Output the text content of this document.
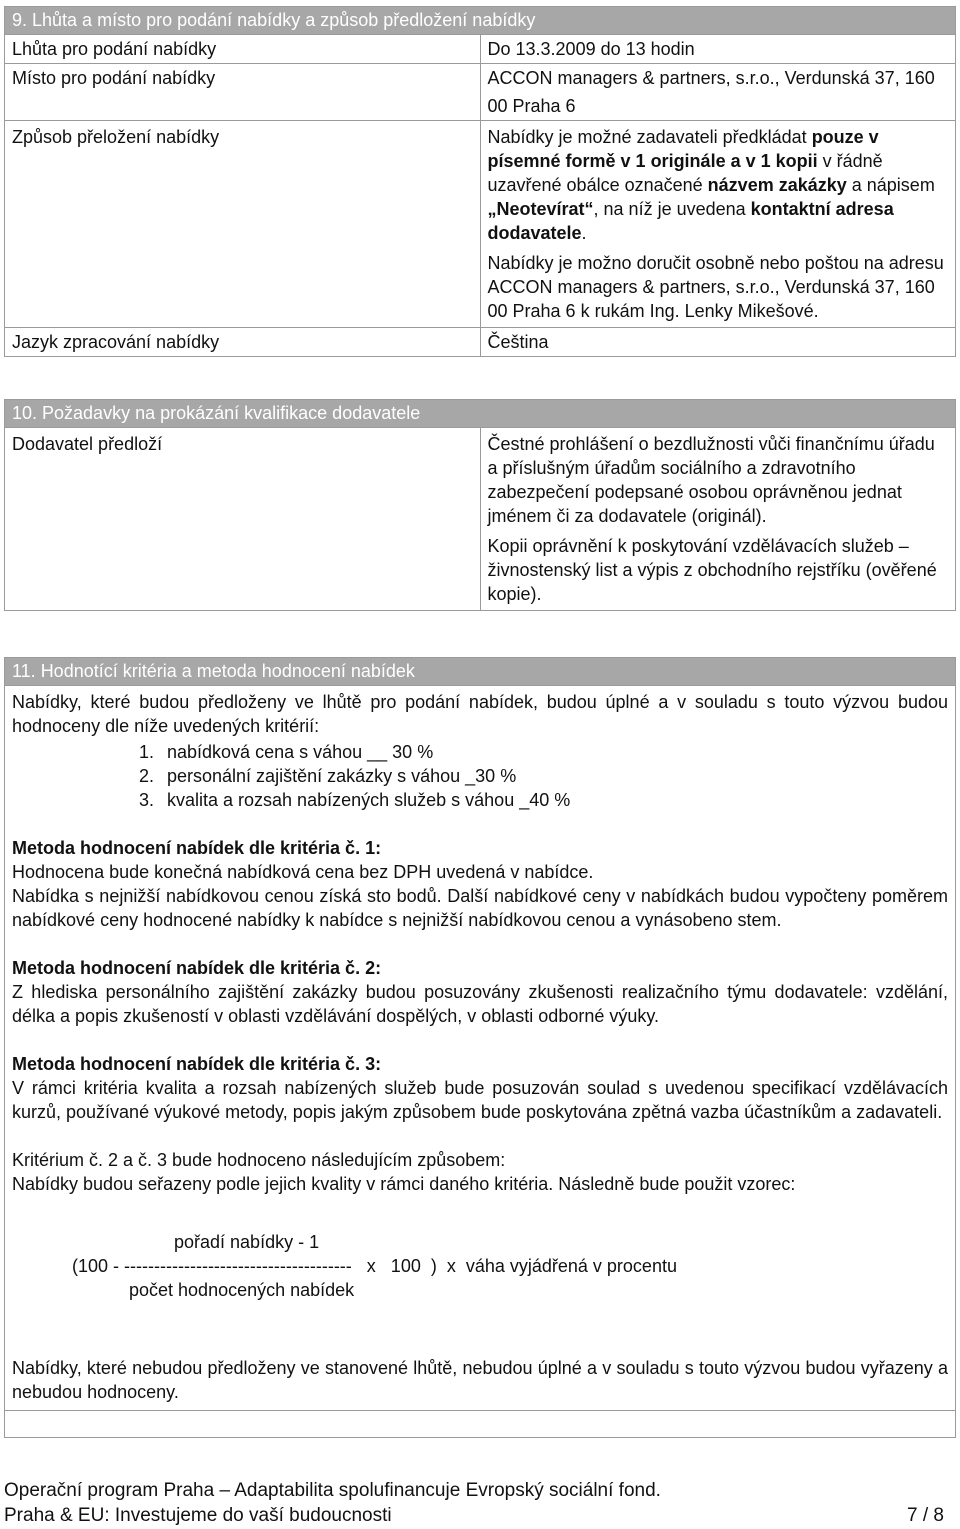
9. Lhůta a místo pro podání nabídky a způsob předložení nabídky	
Lhůta pro podání nabídky	Do 13.3.2009 do 13 hodin
Místo pro podání nabídky	ACCON managers & partners, s.r.o., Verdunská 37, 160 00 Praha 6
Způsob přeložení nabídky	Nabídky je možné zadavateli předkládat pouze v písemné formě v 1 originále a v 1 kopii v řádně uzavřené obálce označené názvem zakázky a nápisem „Neotevírat“, na níž je uvedena kontaktní adresa dodavatele.
Nabídky je možno doručit osobně nebo poštou na adresu ACCON managers & partners, s.r.o., Verdunská 37, 160 00 Praha 6 k rukám Ing. Lenky Mikešové.

Jazyk zpracování nabídky	Čeština
10. Požadavky na prokázání kvalifikace dodavatele
Dodavatel předloží	Čestné prohlášení o bezdlužnosti vůči finančnímu úřadu a příslušným úřadům sociálního a zdravotního zabezpečení podepsané osobou oprávněnou jednat jménem či za dodavatele (originál).
Kopii oprávnění k poskytování vzdělávacích služeb – živnostenský list a výpis z obchodního rejstříku (ověřené kopie).
11. Hodnotící kritéria a metoda hodnocení nabídek

Nabídky, které budou předloženy ve lhůtě pro podání nabídek, budou úplné a v souladu s touto výzvou budou hodnoceny dle níže uvedených kritérií:
1. nabídková cena s váhou __ 30 %
2. personální zajištění zakázky s váhou _30 %
3. kvalita a rozsah nabízených služeb s váhou _40 %
Metoda hodnocení nabídek dle kritéria č. 1:
Hodnocena bude konečná nabídková cena bez DPH uvedená v nabídce.
Nabídka s nejnižší nabídkovou cenou získá sto bodů. Další nabídkové ceny v nabídkách budou vypočteny poměrem nabídkové ceny hodnocené nabídky k nabídce s nejnižší nabídkovou cenou a vynásobeno stem.
Metoda hodnocení nabídek dle kritéria č. 2:
Z hlediska personálního zajištění zakázky budou posuzovány zkušenosti realizačního týmu dodavatele: vzdělání, délka a popis zkušeností v oblasti vzdělávání dospělých, v oblasti odborné výuky.
Metoda hodnocení nabídek dle kritéria č. 3:
V rámci kritéria kvalita a rozsah nabízených služeb bude posuzován soulad s uvedenou specifikací vzdělávacích kurzů, používané výukové metody, popis jakým způsobem bude poskytována zpětná vazba účastníkům a zadavateli.
Kritérium č. 2 a č. 3 bude hodnoceno následujícím způsobem:
Nabídky budou seřazeny podle jejich kvality v rámci daného kritéria. Následně bude použit vzorec:
pořadí nabídky - 1
(100 - --------------------------------------   x   100  )  x  váha vyjádřená v procentu
počet hodnocených nabídek
Nabídky, které nebudou předloženy ve stanovené lhůtě, nebudou úplné a v souladu s touto výzvou budou vyřazeny a nebudou hodnoceny.

Operační program Praha – Adaptabilita spolufinancuje Evropský sociální fond.
Praha & EU: Investujeme do vaší budoucnosti	7 / 8
